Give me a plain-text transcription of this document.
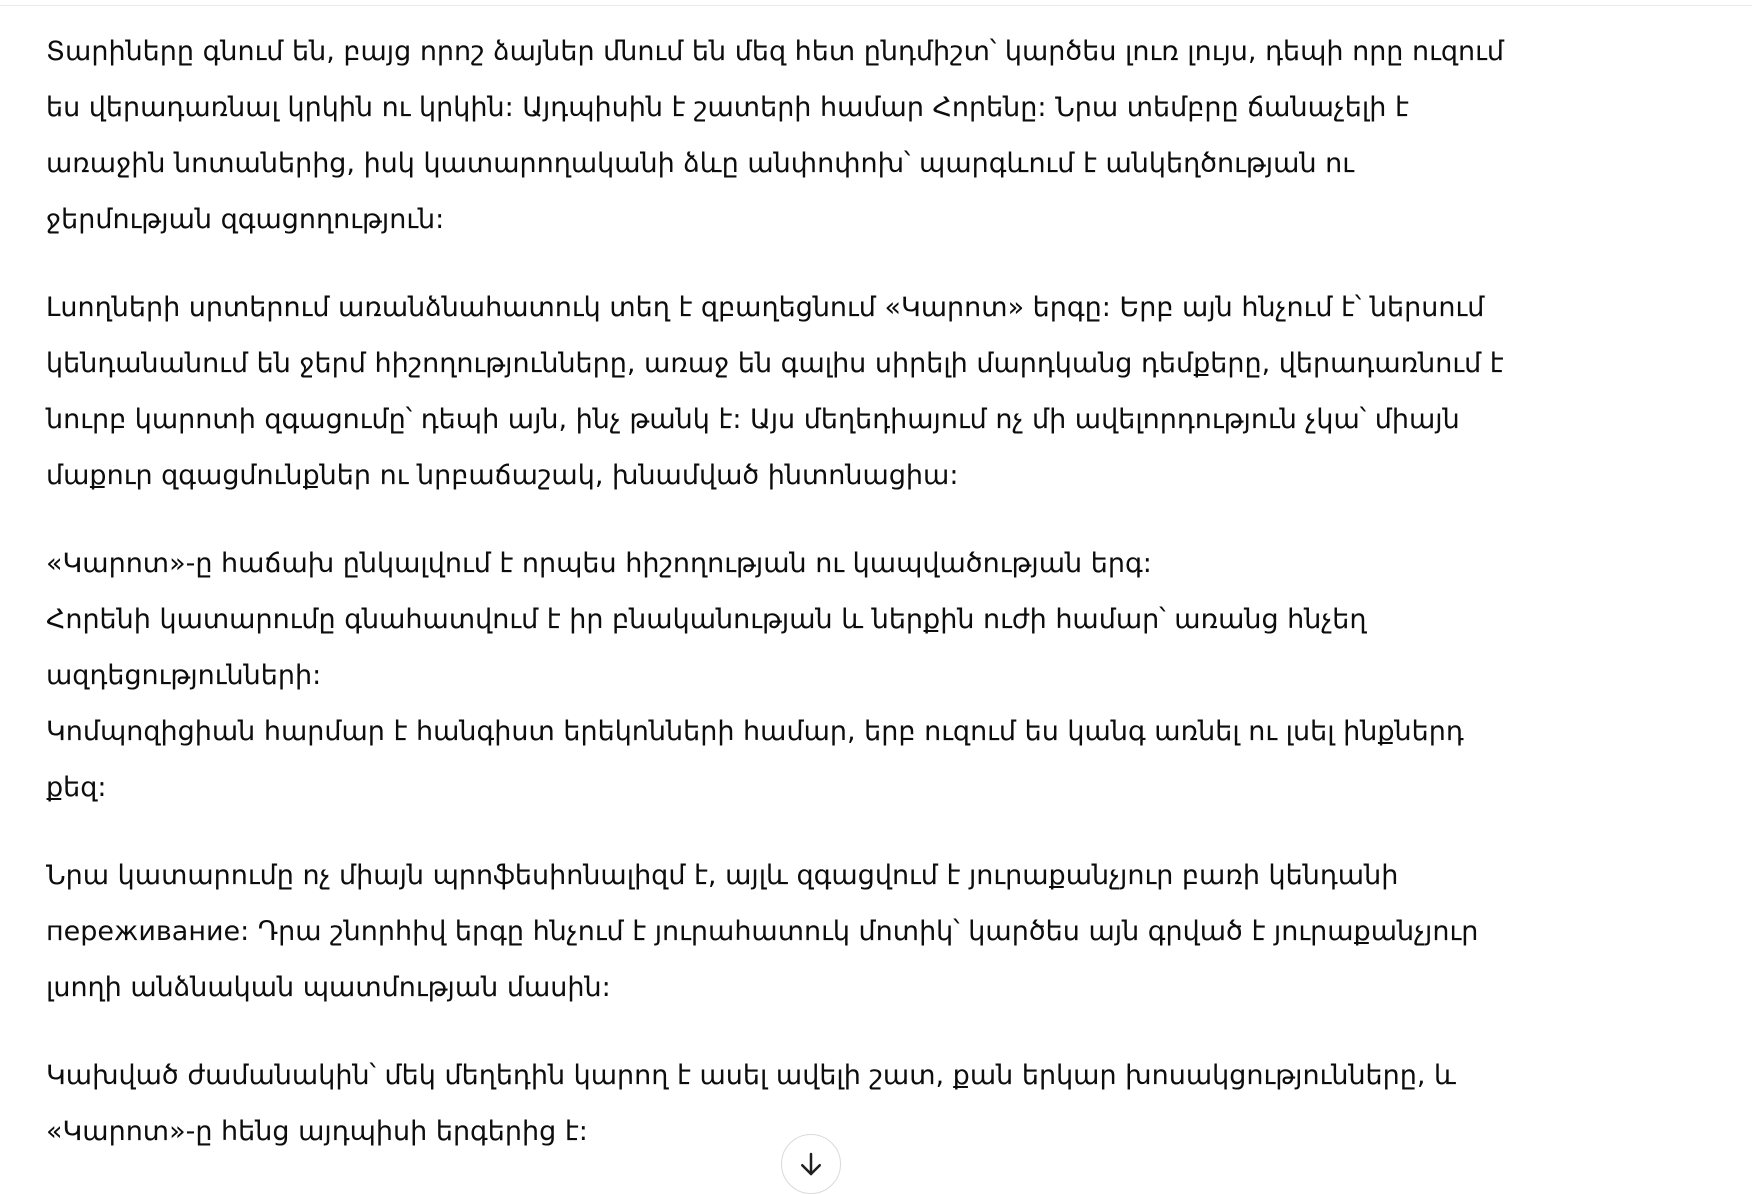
Տարիները գնում են, բայց որոշ ձայներ մնում են մեզ հետ ընդմիշտ՝ կարծես լուռ լույս, դեպի որը ուզում
ես վերադառնալ կրկին ու կրկին: Այդպիսին է շատերի համար Հորենը: Նրա տեմբրը ճանաչելի է
առաջին նոտաներից, իսկ կատարողականի ձևը անփոփոխ՝ պարգևում է անկեղծության ու
ջերմության զգացողություն:

Լսողների սրտերում առանձնահատուկ տեղ է զբաղեցնում «Կարոտ» երգը: Երբ այն հնչում է՝ ներսում
կենդանանում են ջերմ հիշողությունները, առաջ են գալիս սիրելի մարդկանց դեմքերը, վերադառնում է
նուրբ կարոտի զգացումը՝ դեպի այն, ինչ թանկ է: Այս մեղեդիայում ոչ մի ավելորդություն չկա՝ միայն
մաքուր զգացմունքներ ու նրբաճաշակ, խնամված ինտոնացիա:

«Կարոտ»-ը հաճախ ընկալվում է որպես հիշողության ու կապվածության երգ:
Հորենի կատարումը գնահատվում է իր բնականության և ներքին ուժի համար՝ առանց հնչեղ
ազդեցությունների:
Կոմպոզիցիան հարմար է հանգիստ երեկոնների համար, երբ ուզում ես կանգ առնել ու լսել ինքներդ
քեզ:

Նրա կատարումը ոչ միայն պրոֆեսիոնալիզմ է, այլև զգացվում է յուրաքանչյուր բառի կենդանի
переживание: Դրա շնորհիվ երգը հնչում է յուրահատուկ մոտիկ՝ կարծես այն գրված է յուրաքանչյուր
լսողի անձնական պատմության մասին:

Կախված ժամանակին՝ մեկ մեղեդին կարող է ասել ավելի շատ, քան երկար խոսակցությունները, և
«Կարոտ»-ը հենց այդպիսի երգերից է:
